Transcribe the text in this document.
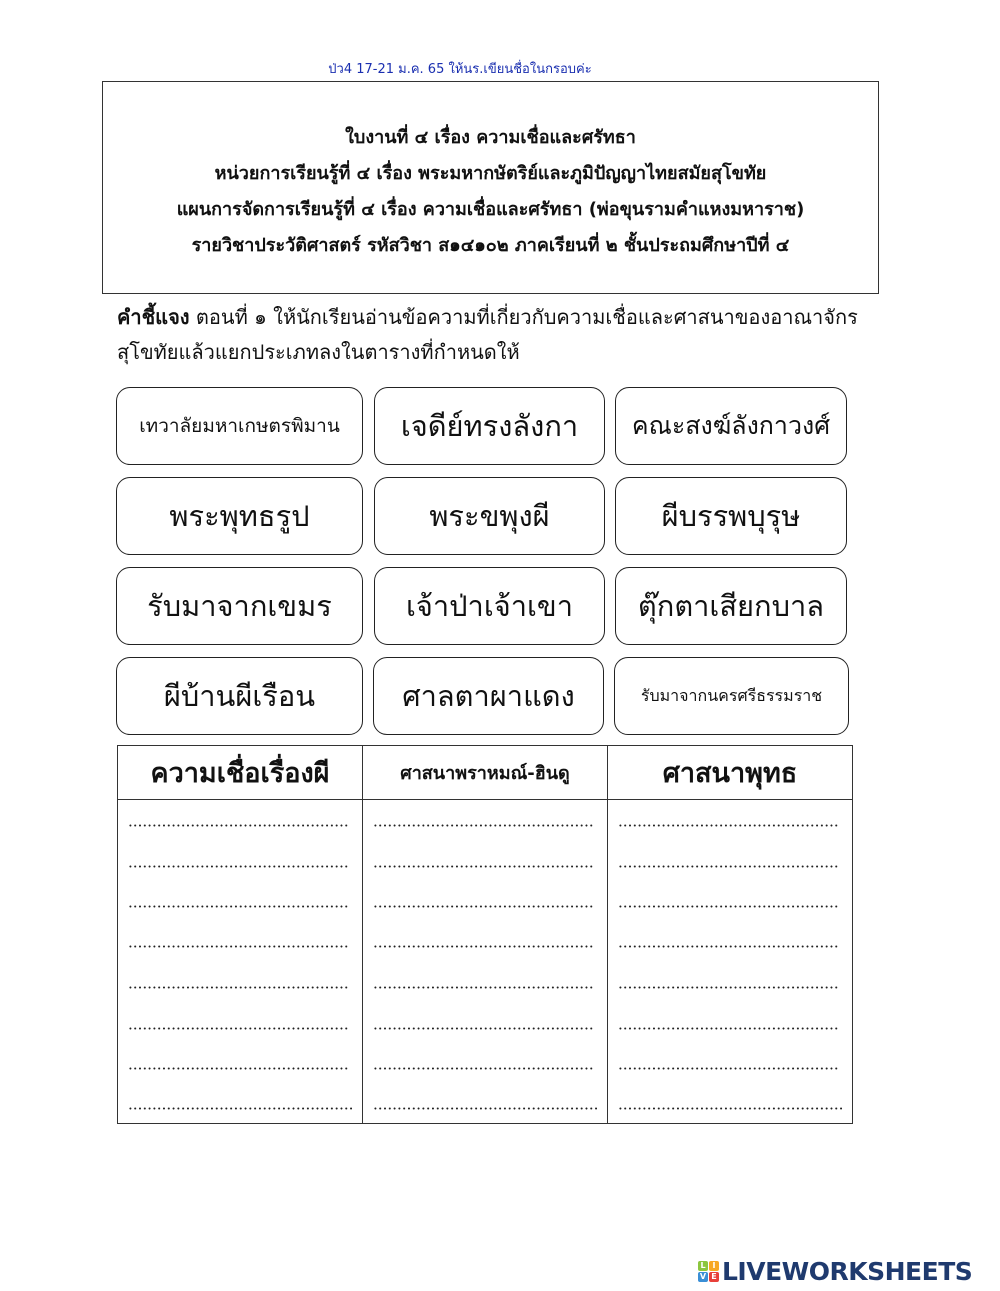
ป่ว4 17-21 ม.ค. 65 ให้นร.เขียนชื่อในกรอบค่ะ
ใบงานที่ ๔ เรื่อง ความเชื่อและศรัทธา
หน่วยการเรียนรู้ที่ ๔ เรื่อง พระมหากษัตริย์และภูมิปัญญาไทยสมัยสุโขทัย
แผนการจัดการเรียนรู้ที่ ๔ เรื่อง ความเชื่อและศรัทธา (พ่อขุนรามคำแหงมหาราช)
รายวิชาประวัติศาสตร์ รหัสวิชา ส๑๔๑๐๒ ภาคเรียนที่ ๒ ชั้นประถมศึกษาปีที่ ๔
คำชี้แจง ตอนที่ ๑ ให้นักเรียนอ่านข้อความที่เกี่ยวกับความเชื่อและศาสนาของอาณาจักรสุโขทัยแล้วแยกประเภทลงในตารางที่กำหนดให้
เทวาลัยมหาเกษตรพิมาน	เจดีย์ทรงลังกา	คณะสงฆ์ลังกาวงศ์
พระพุทธรูป	พระขพุงผี	ผีบรรพบุรุษ
รับมาจากเขมร	เจ้าป่าเจ้าเขา	ตุ๊กตาเสียกบาล
ผีบ้านผีเรือน	ศาลตาผาแดง	รับมาจากนครศรีธรรมราช
ความเชื่อเรื่องผี	ศาสนาพราหมณ์-ฮินดู	ศาสนาพุทธ
L I
V E LIVEWORKSHEETS
